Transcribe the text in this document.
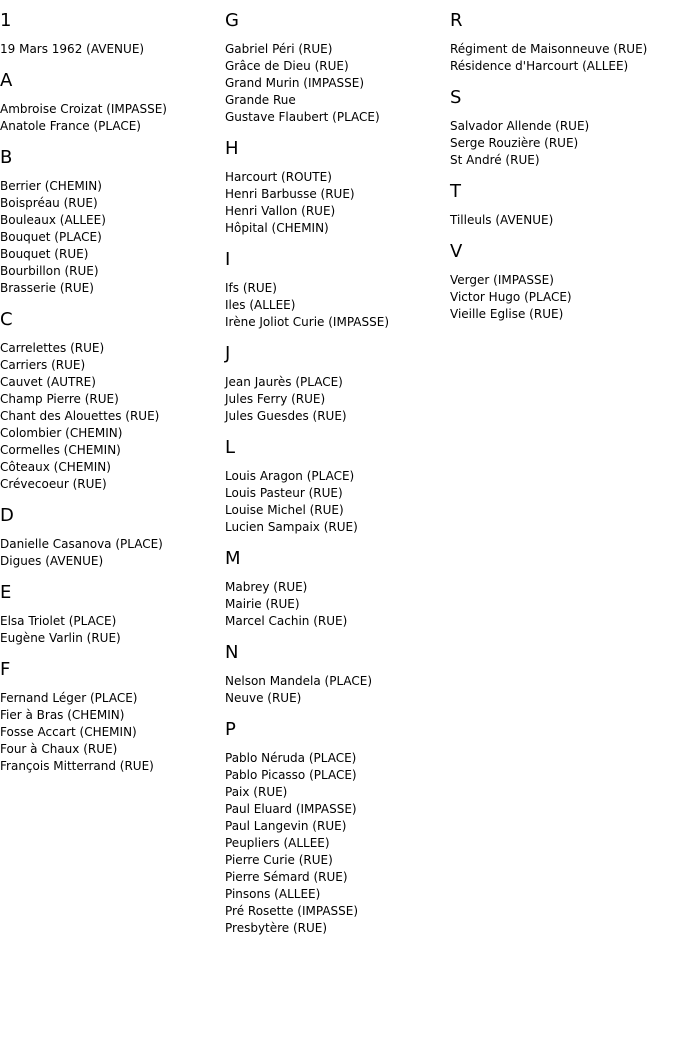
1
19 Mars 1962 (AVENUE)
A
Ambroise Croizat (IMPASSE)
Anatole France (PLACE)
B
Berrier (CHEMIN)
Boispréau (RUE)
Bouleaux (ALLEE)
Bouquet (PLACE)
Bouquet (RUE)
Bourbillon (RUE)
Brasserie (RUE)
C
Carrelettes (RUE)
Carriers (RUE)
Cauvet (AUTRE)
Champ Pierre (RUE)
Chant des Alouettes (RUE)
Colombier (CHEMIN)
Cormelles (CHEMIN)
Côteaux (CHEMIN)
Crévecoeur (RUE)
D
Danielle Casanova (PLACE)
Digues (AVENUE)
E
Elsa Triolet (PLACE)
Eugène Varlin (RUE)
F
Fernand Léger (PLACE)
Fier à Bras (CHEMIN)
Fosse Accart (CHEMIN)
Four à Chaux (RUE)
François Mitterrand (RUE)
G
Gabriel Péri (RUE)
Grâce de Dieu (RUE)
Grand Murin (IMPASSE)
Grande Rue
Gustave Flaubert (PLACE)
H
Harcourt (ROUTE)
Henri Barbusse (RUE)
Henri Vallon (RUE)
Hôpital (CHEMIN)
I
Ifs (RUE)
Iles (ALLEE)
Irène Joliot Curie (IMPASSE)
J
Jean Jaurès (PLACE)
Jules Ferry (RUE)
Jules Guesdes (RUE)
L
Louis Aragon (PLACE)
Louis Pasteur (RUE)
Louise Michel (RUE)
Lucien Sampaix (RUE)
M
Mabrey (RUE)
Mairie (RUE)
Marcel Cachin (RUE)
N
Nelson Mandela (PLACE)
Neuve (RUE)
P
Pablo Néruda (PLACE)
Pablo Picasso (PLACE)
Paix (RUE)
Paul Eluard (IMPASSE)
Paul Langevin (RUE)
Peupliers (ALLEE)
Pierre Curie (RUE)
Pierre Sémard (RUE)
Pinsons (ALLEE)
Pré Rosette (IMPASSE)
Presbytère (RUE)
R
Régiment de Maisonneuve (RUE)
Résidence d'Harcourt (ALLEE)
S
Salvador Allende (RUE)
Serge Rouzière (RUE)
St André (RUE)
T
Tilleuls (AVENUE)
V
Verger (IMPASSE)
Victor Hugo (PLACE)
Vieille Eglise (RUE)
